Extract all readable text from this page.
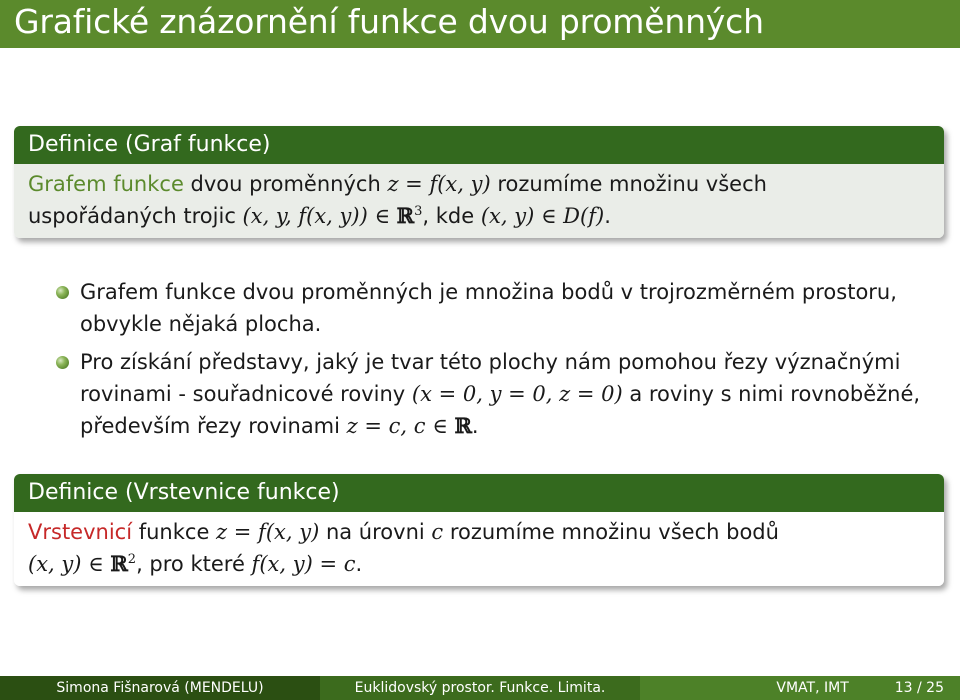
Grafické znázornění funkce dvou proměnných
Definice (Graf funkce)
Grafem funkce dvou proměnných z = f(x, y) rozumíme množinu všech
uspořádaných trojic (x, y, f(x, y)) ∈ ℝ$^3$, kde (x, y) ∈ D(f).
Grafem funkce dvou proměnných je množina bodů v trojrozměrném prostoru, obvykle nějaká plocha.
Pro získání představy, jaký je tvar této plochy nám pomohou řezy význačnými rovinami - souřadnicové roviny (x = 0, y = 0, z = 0) a roviny s nimi rovnoběžné, především řezy rovinami z = c, c ∈ ℝ.
Definice (Vrstevnice funkce)
Vrstevnicí funkce z = f(x, y) na úrovni c rozumíme množinu všech bodů
(x, y) ∈ ℝ$^2$, pro které f(x, y) = c.
Simona Fišnarová (MENDELU)	Euklidovský prostor. Funkce. Limita.	VMAT, IMT	13 / 25
